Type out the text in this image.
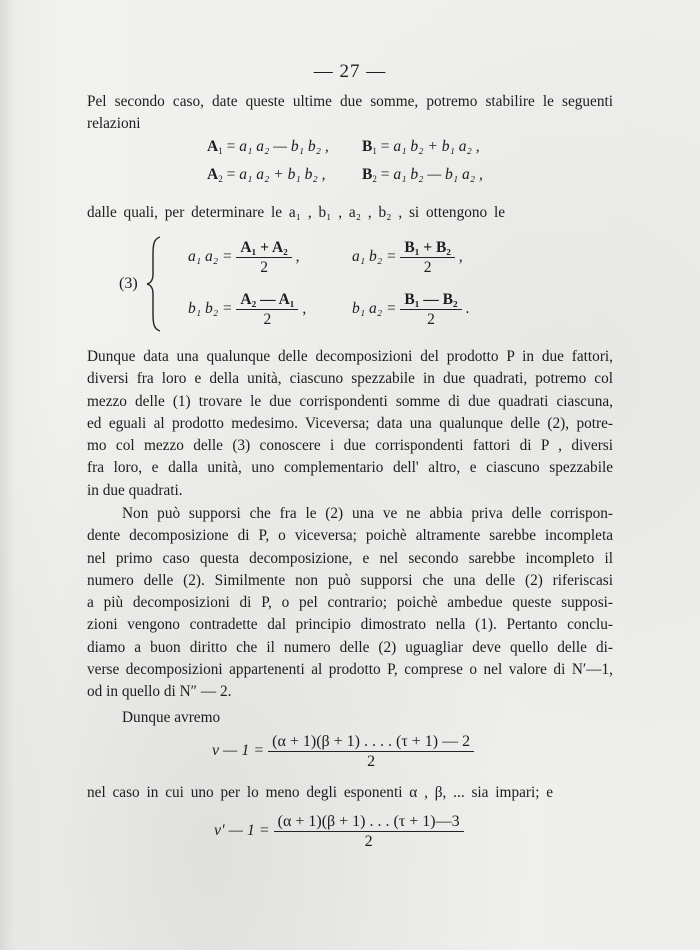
— 27 —
Pel secondo caso, date queste ultime due somme, potremo stabilire le seguenti
relazioni
$A_1 = a_1$ a₂ — b₁ b₂ , $B_1 = a_1$ b₂ + b₁ a₂ ,
$A_2 = a_1$ a₂ + b₁ b₂ , $B_2 = a_1$ b₂ — b₁ a₂ ,
dalle quali, per determinare le a₁ , b₁ , a₂ , b₂ , si ottengono le
(3)
a₁ $a_2 = \frac{\text{A₁ + A₂}}{2}$ ,	a₁ $b_2 = \frac{\text{B₁ + B₂}}{2}$ ,
b₁ $b_2 = \frac{\text{A₂ — A₁}}{2}$ ,	b₁ $a_2 = \frac{\text{B₁ — B₂}}{2}$ .
Dunque data una qualunque delle decomposizioni del prodotto P in due fattori,
diversi fra loro e della unità, ciascuno spezzabile in due quadrati, potremo col
mezzo delle (1) trovare le due corrispondenti somme di due quadrati ciascuna,
ed eguali al prodotto medesimo. Viceversa; data una qualunque delle (2), potre-
mo col mezzo delle (3) conoscere i due corrispondenti fattori di P , diversi
fra loro, e dalla unità, uno complementario dell' altro, e ciascuno spezzabile
in due quadrati.
Non può supporsi che fra le (2) una ve ne abbia priva delle corrispon-
dente decomposizione di P, o viceversa; poichè altramente sarebbe incompleta
nel primo caso questa decomposizione, e nel secondo sarebbe incompleto il
numero delle (2). Similmente non può supporsi che una delle (2) riferiscasi
a più decomposizioni di P, o pel contrario; poichè ambedue queste supposi-
zioni vengono contradette dal principio dimostrato nella (1). Pertanto conclu-
diamo a buon diritto che il numero delle (2) uguagliar deve quello delle di-
verse decomposizioni appartenenti al prodotto P, comprese o nel valore di N′—1,
od in quello di N″ — 2.
Dunque avremo
ν — $1 = \frac{(\alpha + 1)(\beta + 1) . . . . (\tau + 1) — 2}{2}$
nel caso in cui uno per lo meno degli esponenti α , β, ... sia impari; e
ν′ — $1 = \frac{(\alpha + 1)(\beta + 1) . . . (\tau + 1)—3}{2}$
